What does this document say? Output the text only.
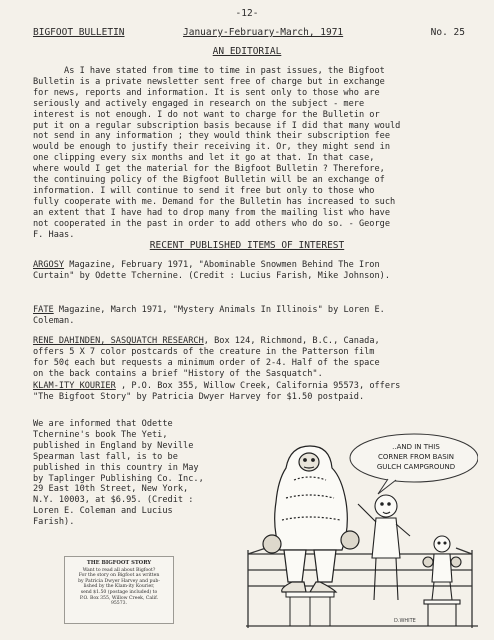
-12-
BIGFOOT BULLETIN	January-February-March, 1971	No. 25
AN EDITORIAL
As I have stated from time to time in past issues, the Bigfoot
Bulletin is a private newsletter sent free of charge but in exchange
for news, reports and information. It is sent only to those who are
seriously and actively engaged in research on the subject - mere
interest is not enough. I do not want to charge for the Bulletin or
put it on a regular subscription basis because if I did that many would
not send in any information ; they would think their subscription fee
would be enough to justify their receiving it. Or, they might send in
one clipping every six months and let it go at that. In that case,
where would I get the material for the Bigfoot Bulletin ? Therefore,
the continuing policy of the Bigfoot Bulletin will be an exchange of
information. I will continue to send it free but only to those who
fully cooperate with me. Demand for the Bulletin has increased to such
an extent that I have had to drop many from the mailing list who have
not cooperated in the past in order to add others who do so. - George
F. Haas.
RECENT PUBLISHED ITEMS OF INTEREST
ARGOSY Magazine, February 1971, "Abominable Snowmen Behind The Iron
Curtain" by Odette Tchernine. (Credit : Lucius Farish, Mike Johnson).
FATE Magazine, March 1971, "Mystery Animals In Illinois" by Loren E.
Coleman.
RENE DAHINDEN, SASQUATCH RESEARCH, Box 124, Richmond, B.C., Canada,
offers 5 X 7 color postcards of the creature in the Patterson film
for 50¢ each but requests a minimum order of 2-4. Half of the space
on the back contains a brief "History of the Sasquatch".
KLAM-ITY KOURIER , P.O. Box 355, Willow Creek, California 95573, offers
"The Bigfoot Story" by Patricia Dwyer Harvey for $1.50 postpaid.
We are informed that Odette
Tchernine's book The Yeti,
published in England by Neville
Spearman last fall, is to be
published in this country in May
by Taplinger Publishing Co. Inc.,
29 East 10th Street, New York,
N.Y. 10003, at $6.95. (Credit :
Loren E. Coleman and Lucius
Farish).
THE BIGFOOT STORY
Want to read all about Bigfoot?
For the story on Bigfoot as written
by Patricia Dwyer Harvey and pub-
lished by the Klam-ity Kourier,
send $1.50 (postage included) to
P.O. Box 355, Willow Creek, Calif.
95573.
..AND IN THIS
CORNER FROM BASIN
GULCH CAMPGROUND
D.WHITE
